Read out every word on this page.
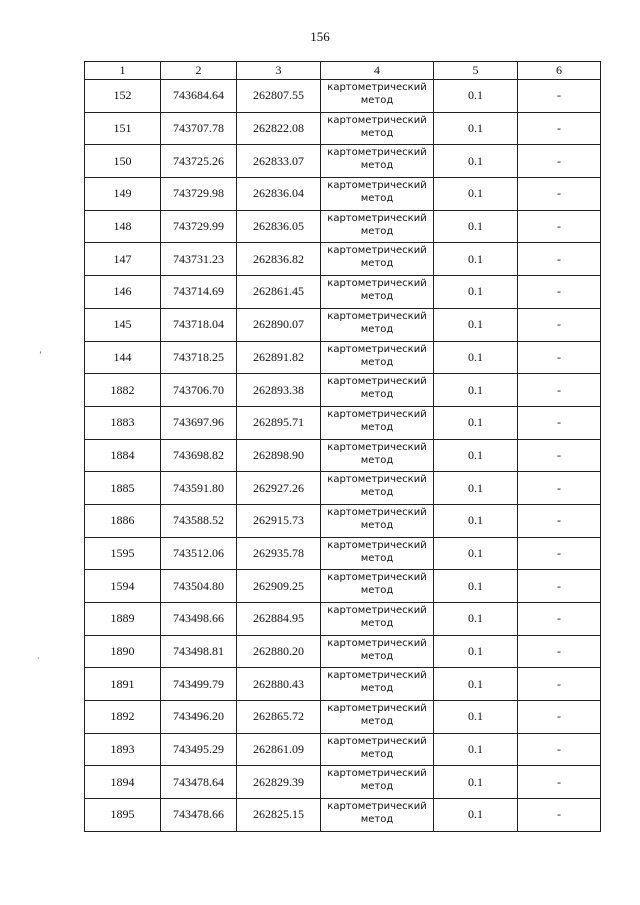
156
1	2	3	4	5	6
152	743684.64	262807.55	картометрический метод	0.1	-
151	743707.78	262822.08	картометрический метод	0.1	-
150	743725.26	262833.07	картометрический метод	0.1	-
149	743729.98	262836.04	картометрический метод	0.1	-
148	743729.99	262836.05	картометрический метод	0.1	-
147	743731.23	262836.82	картометрический метод	0.1	-
146	743714.69	262861.45	картометрический метод	0.1	-
145	743718.04	262890.07	картометрический метод	0.1	-
144	743718.25	262891.82	картометрический метод	0.1	-
1882	743706.70	262893.38	картометрический метод	0.1	-
1883	743697.96	262895.71	картометрический метод	0.1	-
1884	743698.82	262898.90	картометрический метод	0.1	-
1885	743591.80	262927.26	картометрический метод	0.1	-
1886	743588.52	262915.73	картометрический метод	0.1	-
1595	743512.06	262935.78	картометрический метод	0.1	-
1594	743504.80	262909.25	картометрический метод	0.1	-
1889	743498.66	262884.95	картометрический метод	0.1	-
1890	743498.81	262880.20	картометрический метод	0.1	-
1891	743499.79	262880.43	картометрический метод	0.1	-
1892	743496.20	262865.72	картометрический метод	0.1	-
1893	743495.29	262861.09	картометрический метод	0.1	-
1894	743478.64	262829.39	картометрический метод	0.1	-
1895	743478.66	262825.15	картометрический метод	0.1	-
ʼ
ˋ
